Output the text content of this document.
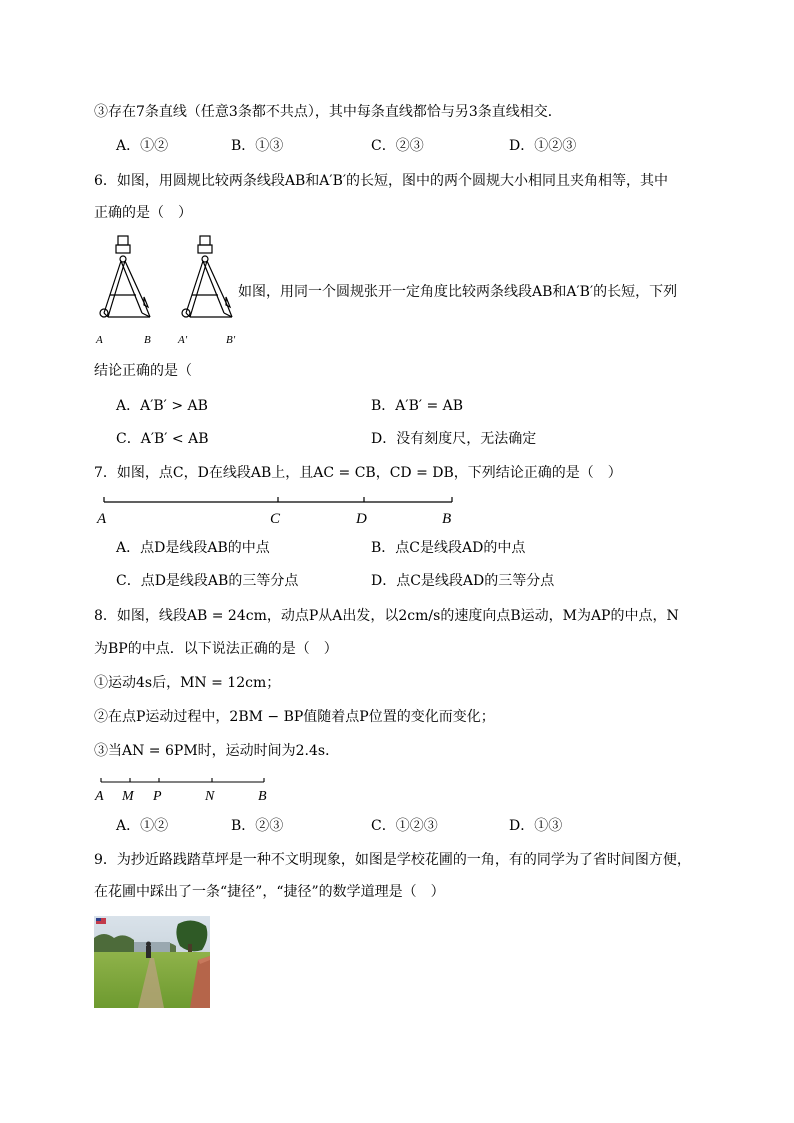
③存在7条直线（任意3条都不共点），其中每条直线都恰与另3条直线相交．
A．①②	B．①③	C．②③	D．①②③
6．如图，用圆规比较两条线段AB和A′B′的长短，图中的两个圆规大小相同且夹角相等，其中
正确的是（　）
A	B A′	B′
如图，用同一个圆规张开一定角度比较两条线段AB和A′B′的长短，下列
结论正确的是（
A．A′B′ > AB	B．A′B′ = AB
C．A′B′ < AB	D．没有刻度尺，无法确定
7．如图，点C，D在线段AB上，且AC = CB，CD = DB，下列结论正确的是（　）
A	C	D	B
A．点D是线段AB的中点	B．点C是线段AD的中点
C．点D是线段AB的三等分点	D．点C是线段AD的三等分点
8．如图，线段AB = 24cm，动点P从A出发，以2cm/s的速度向点B运动，M为AP的中点，N
为BP的中点．以下说法正确的是（　）
①运动4s后，MN = 12cm；
②在点P运动过程中，2BM − BP值随着点P位置的变化而变化；
③当AN = 6PM时，运动时间为2.4s．
A M P	N	B
A．①②	B．②③	C．①②③	D．①③
9．为抄近路践踏草坪是一种不文明现象，如图是学校花圃的一角，有的同学为了省时间图方便，
在花圃中踩出了一条“捷径”，“捷径”的数学道理是（　）
